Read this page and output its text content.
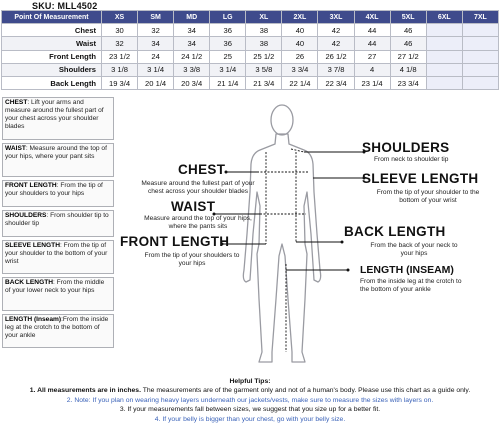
SKU: MLL4502
Point Of Measurement	XS	SM	MD	LG	XL	2XL	3XL	4XL	5XL	6XL	7XL
Chest	30	32	34	36	38	40	42	44	46		
Waist	32	34	34	36	38	40	42	44	46		
Front Length	23 1/2	24	24 1/2	25	25 1/2	26	26 1/2	27	27 1/2		
Shoulders	3 1/8	3 1/4	3 3/8	3 1/4	3 5/8	3 3/4	3 7/8	4	4 1/8		
Back Length	19 3/4	20 1/4	20 3/4	21 1/4	21 3/4	22 1/4	22 3/4	23 1/4	23 3/4		
CHEST: Lift your arms and measure around the fullest part of your chest across your shoulder blades
WAIST: Measure around the top of your hips, where your pant sits
FRONT LENGTH: From the tip of your shoulders to your hips
SHOULDERS: From shoulder tip to shoulder tip
SLEEVE LENGTH: From the tip of your shoulder to the bottom of your wrist
BACK LENGTH: From the middle of your lower neck to your hips
LENGTH (Inseam):From the inside leg at the crotch to the bottom of your ankle
CHEST
Measure around the fullest part of your chest across your shoulder blades
WAIST
Measure around the top of your hips, where the pants sits
FRONT LENGTH
From the tip of your shoulders to your hips
SHOULDERS
From neck to shoulder tip
SLEEVE LENGTH
From the tip of your shoulder to the bottom of your wrist
BACK LENGTH
From the back of your neck to your hips
LENGTH (INSEAM)
From the inside leg at the crotch to the bottom of your ankle
Helpful Tips:
1. All measurements are in inches. The measurements are of the garment only and not of a human's body. Please use this chart as a guide only.
2. Note: If you plan on wearing heavy layers underneath our jackets/vests, make sure to measure the sizes with layers on.
3. If your measurements fall between sizes, we suggest that you size up for a better fit.
4. If your belly is bigger than your chest, go with your belly size.
